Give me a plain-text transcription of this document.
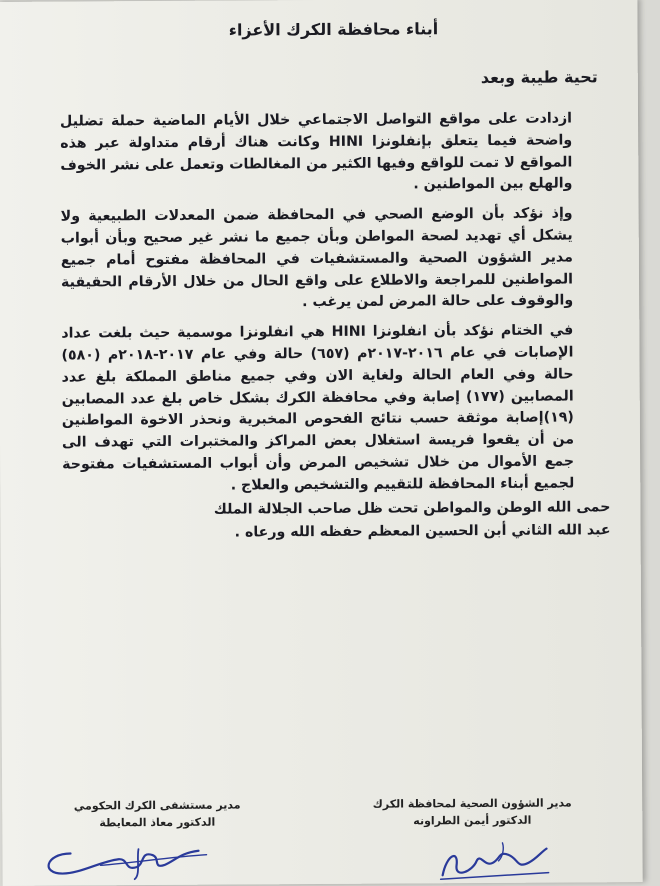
أبناء محافظة الكرك الأعزاء
تحية طيبة وبعد

ازدادت على مواقع التواصل الاجتماعي خلال الأيام الماضية حملة تضليل واضحة فيما يتعلق بإنفلونزا HINI وكانت هناك أرقام متداولة عبر هذه المواقع لا تمت للواقع وفيها الكثير من المغالطات وتعمل على نشر الخوف والهلع بين المواطنين .

وإذ نؤكد بأن الوضع الصحي في المحافظة ضمن المعدلات الطبيعية ولا يشكل أي تهديد لصحة المواطن وبأن جميع ما نشر غير صحيح وبأن أبواب مدير الشؤون الصحية والمستشفيات في المحافظة مفتوح أمام جميع المواطنين للمراجعة والاطلاع على واقع الحال من خلال الأرقام الحقيقية والوقوف على حالة المرض لمن يرغب .

في الختام نؤكد بأن انفلونزا HINI هي انفلونزا موسمية حيث بلغت عداد الإصابات في عام ٢٠١٦-٢٠١٧م (٦٥٧) حالة وفي عام ٢٠١٧-٢٠١٨م (٥٨٠) حالة وفي العام الحالة ولغاية الان وفي جميع مناطق المملكة بلغ عدد المصابين (١٧٧) إصابة وفي محافظة الكرك بشكل خاص بلغ عدد المصابين (١٩)إصابة موثقة حسب نتائج الفحوص المخبرية ونحذر الاخوة المواطنين من أن يقعوا فريسة استغلال بعض المراكز والمختبرات التي تهدف الى جمع الأموال من خلال تشخيص المرض وأن أبواب المستشفيات مفتوحة لجميع أبناء المحافظة للتقييم والتشخيص والعلاج .

حمى الله الوطن والمواطن تحت ظل صاحب الجلالة الملك

عبد الله الثاني أبن الحسين المعظم حفظه الله ورعاه .

مدير الشؤون الصحية لمحافظة الكرك
الدكتور أيمن الطراونه
مدير مستشفى الكرك الحكومي
الدكتور معاذ المعايطة
